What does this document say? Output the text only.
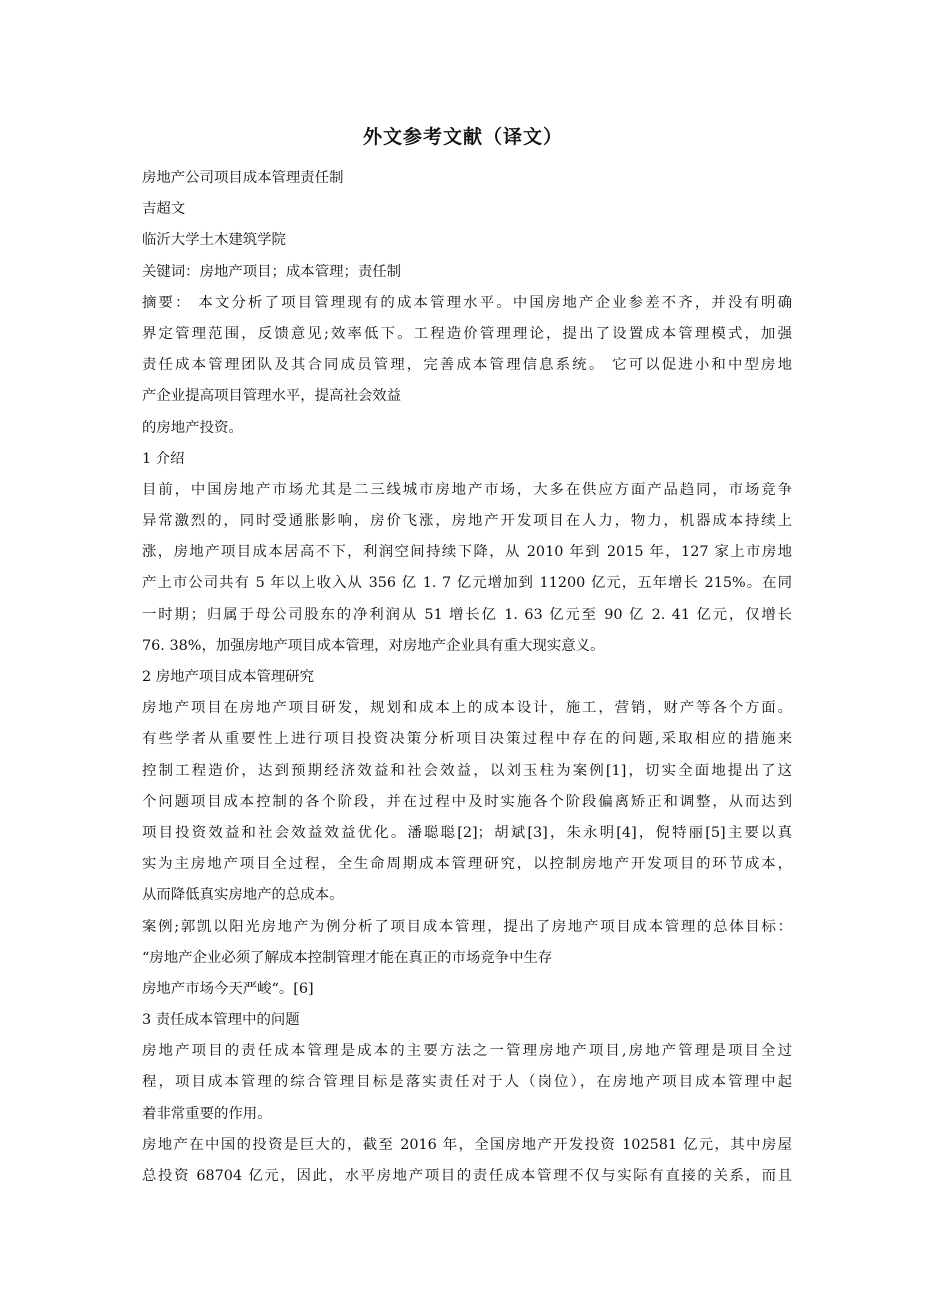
外文参考文献（译文）
房地产公司项目成本管理责任制
吉超文
临沂大学土木建筑学院
关键词：房地产项目；成本管理；责任制
摘要： 本文分析了项目管理现有的成本管理水平。中国房地产企业参差不齐，并没有明确
界定管理范围，反馈意见;效率低下。工程造价管理理论，提出了设置成本管理模式，加强
责任成本管理团队及其合同成员管理，完善成本管理信息系统。 它可以促进小和中型房地
产企业提高项目管理水平，提高社会效益
的房地产投资。
1 介绍
目前，中国房地产市场尤其是二三线城市房地产市场，大多在供应方面产品趋同，市场竞争
异常激烈的，同时受通胀影响，房价飞涨，房地产开发项目在人力，物力，机器成本持续上
涨，房地产项目成本居高不下，利润空间持续下降，从 2010 年到 2015 年，127 家上市房地
产上市公司共有 5 年以上收入从 356 亿 1. 7 亿元增加到 11200 亿元，五年增长 215%。在同
一时期；归属于母公司股东的净利润从 51 增长亿 1. 63 亿元至 90 亿 2. 41 亿元，仅增长
76. 38%，加强房地产项目成本管理，对房地产企业具有重大现实意义。
2 房地产项目成本管理研究
房地产项目在房地产项目研发，规划和成本上的成本设计，施工，营销，财产等各个方面。
有些学者从重要性上进行项目投资决策分析项目决策过程中存在的问题,采取相应的措施来
控制工程造价，达到预期经济效益和社会效益，以刘玉柱为案例[1]，切实全面地提出了这
个问题项目成本控制的各个阶段，并在过程中及时实施各个阶段偏离矫正和调整，从而达到
项目投资效益和社会效益效益优化。潘聪聪[2]；胡斌[3]，朱永明[4]，倪特丽[5]主要以真
实为主房地产项目全过程，全生命周期成本管理研究，以控制房地产开发项目的环节成本，
从而降低真实房地产的总成本。
案例;郭凯以阳光房地产为例分析了项目成本管理，提出了房地产项目成本管理的总体目标：
“房地产企业必须了解成本控制管理才能在真正的市场竞争中生存
房地产市场今天严峻“。[6]
3 责任成本管理中的问题
房地产项目的责任成本管理是成本的主要方法之一管理房地产项目,房地产管理是项目全过
程，项目成本管理的综合管理目标是落实责任对于人（岗位），在房地产项目成本管理中起
着非常重要的作用。
房地产在中国的投资是巨大的，截至 2016 年，全国房地产开发投资 102581 亿元，其中房屋
总投资 68704 亿元，因此，水平房地产项目的责任成本管理不仅与实际有直接的关系，而且
